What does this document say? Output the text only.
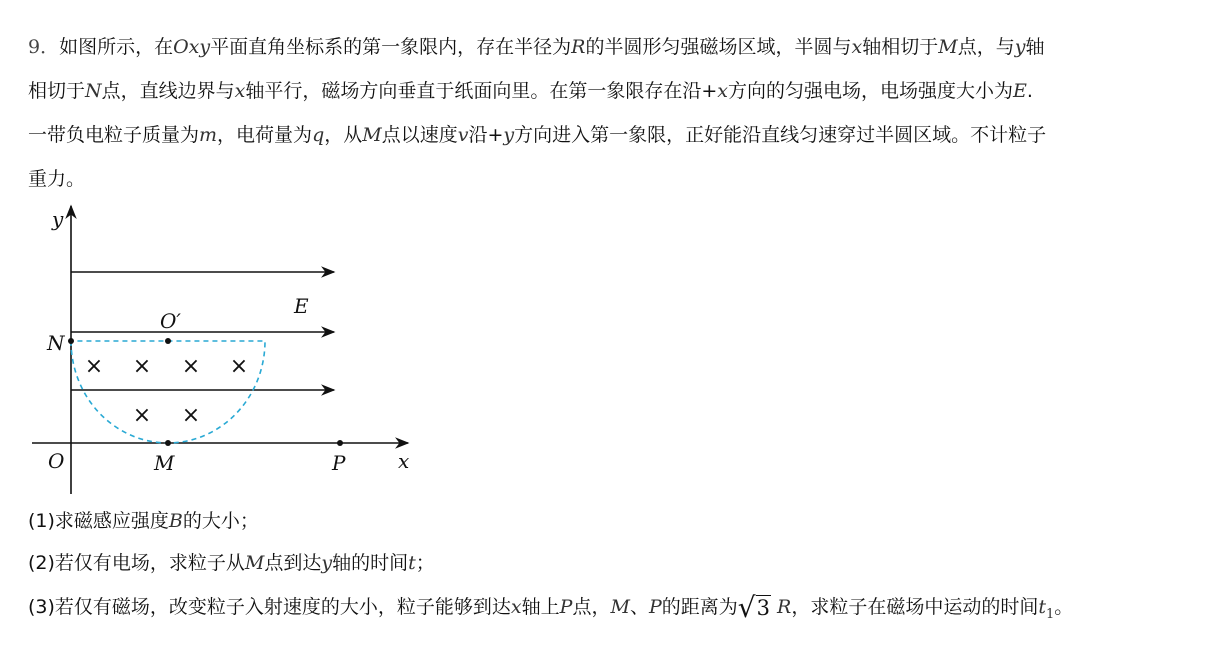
9．如图所示，在Oxy平面直角坐标系的第一象限内，存在半径为R的半圆形匀强磁场区域，半圆与x轴相切于M点，与y轴
相切于N点，直线边界与x轴平行，磁场方向垂直于纸面向里。在第一象限存在沿+x方向的匀强电场，电场强度大小为E.
一带负电粒子质量为m，电荷量为q，从M点以速度v沿+y方向进入第一象限，正好能沿直线匀速穿过半圆区域。不计粒子
重力。
× × × ×
× ×
y
x
O
N
M	P
O′
E
(1)求磁感应强度B的大小；
(2)若仅有电场，求粒子从M点到达y轴的时间t；
(3)若仅有磁场，改变粒子入射速度的大小，粒子能够到达x轴上P点，M、P的距离为√3 R，求粒子在磁场中运动的时间$t_1$。
